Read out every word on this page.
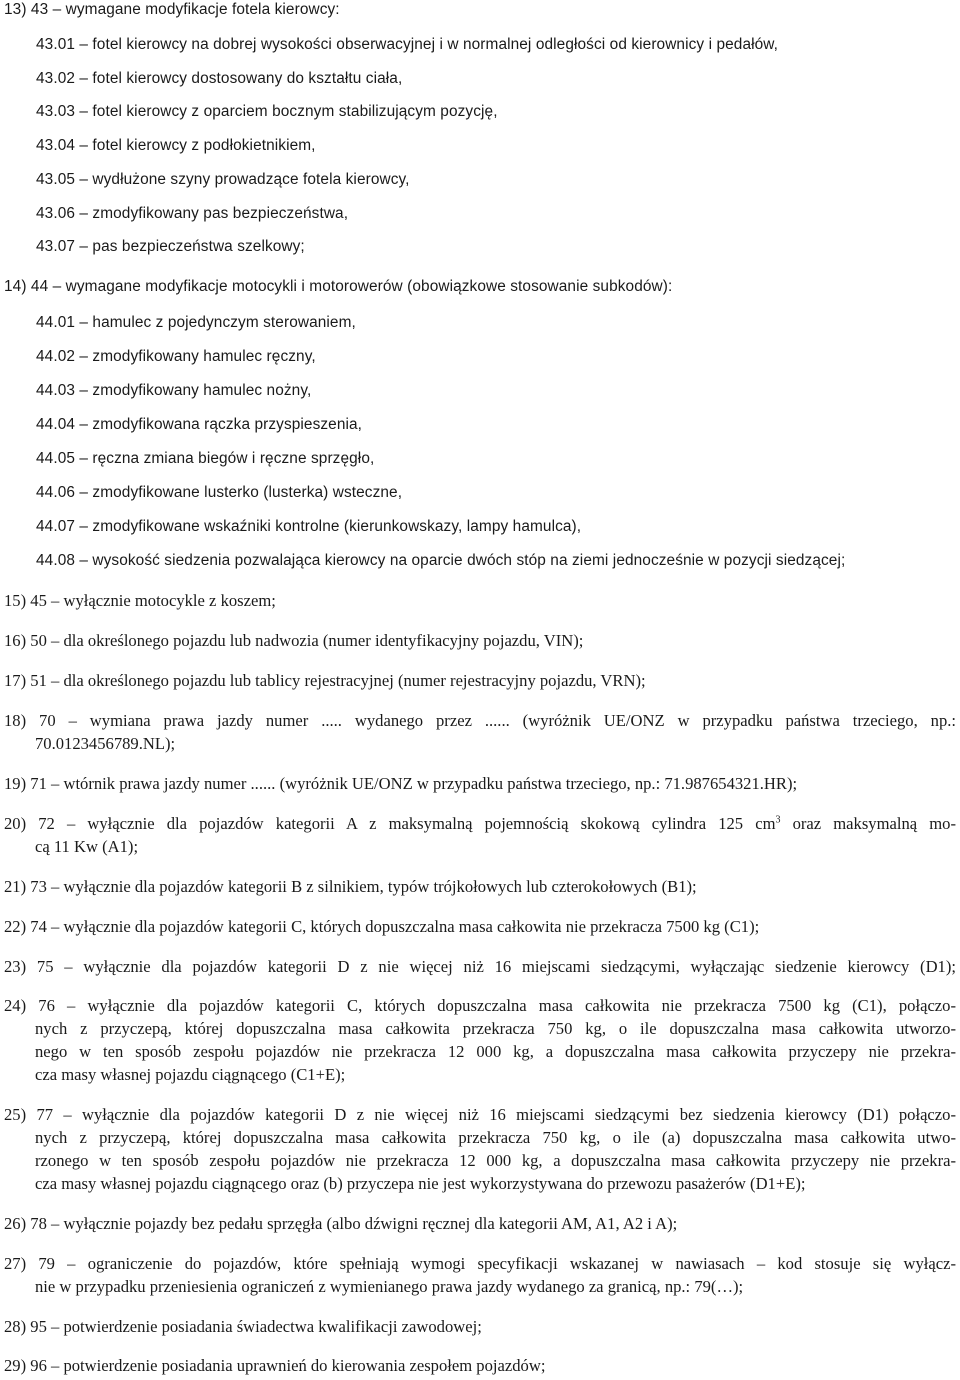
13) 43 – wymagane modyfikacje fotela kierowcy:
43.01 – fotel kierowcy na dobrej wysokości obserwacyjnej i w normalnej odległości od kierownicy i pedałów,
43.02 – fotel kierowcy dostosowany do kształtu ciała,
43.03 – fotel kierowcy z oparciem bocznym stabilizującym pozycję,
43.04 – fotel kierowcy z podłokietnikiem,
43.05 – wydłużone szyny prowadzące fotela kierowcy,
43.06 – zmodyfikowany pas bezpieczeństwa,
43.07 – pas bezpieczeństwa szelkowy;
14) 44 – wymagane modyfikacje motocykli i motorowerów (obowiązkowe stosowanie subkodów):
44.01 – hamulec z pojedynczym sterowaniem,
44.02 – zmodyfikowany hamulec ręczny,
44.03 – zmodyfikowany hamulec nożny,
44.04 – zmodyfikowana rączka przyspieszenia,
44.05 – ręczna zmiana biegów i ręczne sprzęgło,
44.06 – zmodyfikowane lusterko (lusterka) wsteczne,
44.07 – zmodyfikowane wskaźniki kontrolne (kierunkowskazy, lampy hamulca),
44.08 – wysokość siedzenia pozwalająca kierowcy na oparcie dwóch stóp na ziemi jednocześnie w pozycji siedzącej;
15) 45 – wyłącznie motocykle z koszem;
16) 50 – dla określonego pojazdu lub nadwozia (numer identyfikacyjny pojazdu, VIN);
17) 51 – dla określonego pojazdu lub tablicy rejestracyjnej (numer rejestracyjny pojazdu, VRN);
18) 70 – wymiana prawa jazdy numer ..... wydanego przez ...... (wyróżnik UE/ONZ w przypadku państwa trzeciego, np.:
70.0123456789.NL);
19) 71 – wtórnik prawa jazdy numer ...... (wyróżnik UE/ONZ w przypadku państwa trzeciego, np.: 71.987654321.HR);
20) 72 – wyłącznie dla pojazdów kategorii A z maksymalną pojemnością skokową cylindra 125 $cm^3$ oraz maksymalną mo-
cą 11 Kw (A1);
21) 73 – wyłącznie dla pojazdów kategorii B z silnikiem, typów trójkołowych lub czterokołowych (B1);
22) 74 – wyłącznie dla pojazdów kategorii C, których dopuszczalna masa całkowita nie przekracza 7500 kg (C1);
23) 75 – wyłącznie dla pojazdów kategorii D z nie więcej niż 16 miejscami siedzącymi, wyłączając siedzenie kierowcy (D1);
24) 76 – wyłącznie dla pojazdów kategorii C, których dopuszczalna masa całkowita nie przekracza 7500 kg (C1), połączo-
nych z przyczepą, której dopuszczalna masa całkowita przekracza 750 kg, o ile dopuszczalna masa całkowita utworzo-
nego w ten sposób zespołu pojazdów nie przekracza 12 000 kg, a dopuszczalna masa całkowita przyczepy nie przekra-
cza masy własnej pojazdu ciągnącego (C1+E);
25) 77 – wyłącznie dla pojazdów kategorii D z nie więcej niż 16 miejscami siedzącymi bez siedzenia kierowcy (D1) połączo-
nych z przyczepą, której dopuszczalna masa całkowita przekracza 750 kg, o ile (a) dopuszczalna masa całkowita utwo-
rzonego w ten sposób zespołu pojazdów nie przekracza 12 000 kg, a dopuszczalna masa całkowita przyczepy nie przekra-
cza masy własnej pojazdu ciągnącego oraz (b) przyczepa nie jest wykorzystywana do przewozu pasażerów (D1+E);
26) 78 – wyłącznie pojazdy bez pedału sprzęgła (albo dźwigni ręcznej dla kategorii AM, A1, A2 i A);
27) 79 – ograniczenie do pojazdów, które spełniają wymogi specyfikacji wskazanej w nawiasach – kod stosuje się wyłącz-
nie w przypadku przeniesienia ograniczeń z wymienianego prawa jazdy wydanego za granicą, np.: 79(…);
28) 95 – potwierdzenie posiadania świadectwa kwalifikacji zawodowej;
29) 96 – potwierdzenie posiadania uprawnień do kierowania zespołem pojazdów;
